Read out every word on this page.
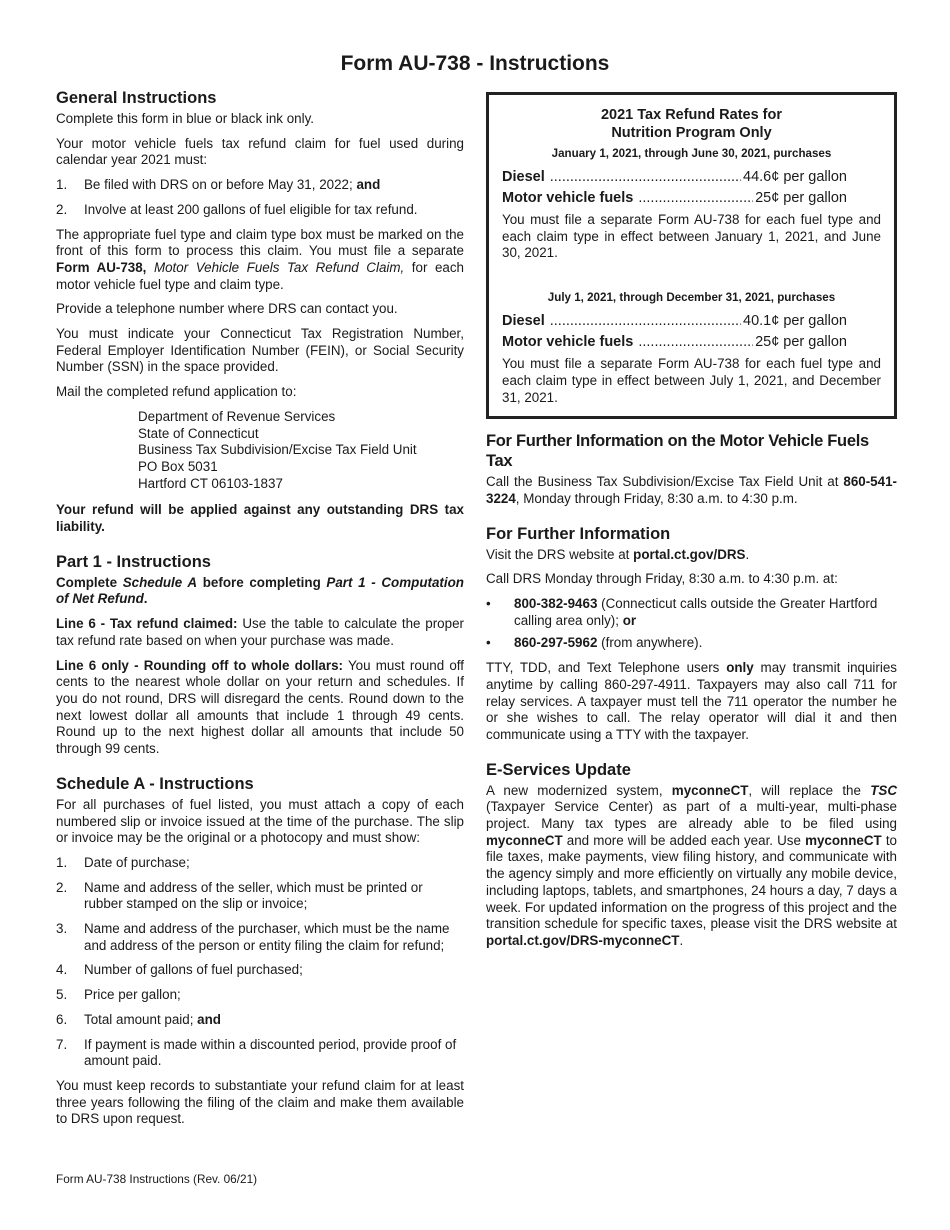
Form AU-738 - Instructions
General Instructions

Complete this form in blue or black ink only.

Your motor vehicle fuels tax refund claim for fuel used during calendar year 2021 must:

1. Be filed with DRS on or before May 31, 2022; and
2. Involve at least 200 gallons of fuel eligible for tax refund.

The appropriate fuel type and claim type box must be marked on the front of this form to process this claim. You must file a separate Form AU-738, Motor Vehicle Fuels Tax Refund Claim, for each motor vehicle fuel type and claim type.

Provide a telephone number where DRS can contact you.

You must indicate your Connecticut Tax Registration Number, Federal Employer Identification Number (FEIN), or Social Security Number (SSN) in the space provided.

Mail the completed refund application to:

Department of Revenue Services
State of Connecticut
Business Tax Subdivision/Excise Tax Field Unit
PO Box 5031
Hartford CT 06103-1837

Your refund will be applied against any outstanding DRS tax liability.

Part 1 - Instructions

Complete Schedule A before completing Part 1 - Computation of Net Refund.

Line 6 - Tax refund claimed: Use the table to calculate the proper tax refund rate based on when your purchase was made.

Line 6 only - Rounding off to whole dollars: You must round off cents to the nearest whole dollar on your return and schedules. If you do not round, DRS will disregard the cents. Round down to the next lowest dollar all amounts that include 1 through 49 cents. Round up to the next highest dollar all amounts that include 50 through 99 cents.

Schedule A - Instructions

For all purchases of fuel listed, you must attach a copy of each numbered slip or invoice issued at the time of the purchase. The slip or invoice may be the original or a photocopy and must show:

1. Date of purchase;
2. Name and address of the seller, which must be printed or rubber stamped on the slip or invoice;
3. Name and address of the purchaser, which must be the name and address of the person or entity filing the claim for refund;
4. Number of gallons of fuel purchased;
5. Price per gallon;
6. Total amount paid; and
7. If payment is made within a discounted period, provide proof of amount paid.

You must keep records to substantiate your refund claim for at least three years following the filing of the claim and make them available to DRS upon request.

2021 Tax Refund Rates for
Nutrition Program Only
January 1, 2021, through June 30, 2021, purchases
Diesel .....	44.6¢ per gallon
Motor vehicle fuels .....	25¢ per gallon

You must file a separate Form AU-738 for each fuel type and each claim type in effect between January 1, 2021, and June 30, 2021.

July 1, 2021, through December 31, 2021, purchases
Diesel .....	40.1¢ per gallon
Motor vehicle fuels .....	25¢ per gallon

You must file a separate Form AU-738 for each fuel type and each claim type in effect between July 1, 2021, and December 31, 2021.

For Further Information on the Motor Vehicle Fuels Tax

Call the Business Tax Subdivision/Excise Tax Field Unit at 860-541-3224, Monday through Friday, 8:30 a.m. to 4:30 p.m.

For Further Information

Visit the DRS website at portal.ct.gov/DRS.

Call DRS Monday through Friday, 8:30 a.m. to 4:30 p.m. at:

• 800-382-9463 (Connecticut calls outside the Greater Hartford calling area only); or
• 860-297-5962 (from anywhere).

TTY, TDD, and Text Telephone users only may transmit inquiries anytime by calling 860-297-4911. Taxpayers may also call 711 for relay services. A taxpayer must tell the 711 operator the number he or she wishes to call. The relay operator will dial it and then communicate using a TTY with the taxpayer.

E-Services Update

A new modernized system, myconneCT, will replace the TSC (Taxpayer Service Center) as part of a multi-year, multi-phase project. Many tax types are already able to be filed using myconneCT and more will be added each year. Use myconneCT to file taxes, make payments, view filing history, and communicate with the agency simply and more efficiently on virtually any mobile device, including laptops, tablets, and smartphones, 24 hours a day, 7 days a week. For updated information on the progress of this project and the transition schedule for specific taxes, please visit the DRS website at portal.ct.gov/DRS-myconneCT.

Form AU-738 Instructions (Rev. 06/21)
